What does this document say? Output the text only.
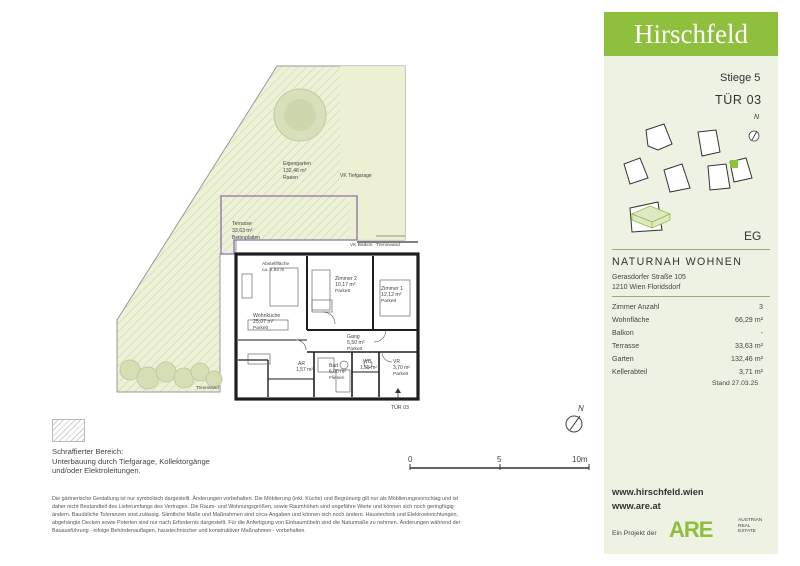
Eigengarten
132,46 m²
Rasen	VK Tiefgarage
Terrasse
33,63 m²
Betonplatten
VK Balkon Trennwand
Abstellfläche
ca. 2,82 m
Wohnküche
25,07 m²
Parkett
Zimmer 2
10,17 m²
Parkett	Zimmer 1
12,12 m²
Parkett
Gang
5,50 m²
Parkett
WC
1,55 m²
Bad
6,00 m²
Fliesen
AR
1,57 m²
VR
3,70 m²
Parkett
Trennwand
TÜR 03	N
0	5	10m
Schraffierter Bereich:
Unterbauung durch Tiefgarage, Kollektorgänge
und/oder Elektroleitungen.
Die gärtnerische Gestaltung ist nur symbolisch dargestellt. Änderungen vorbehalten. Die Möblierung (inkl. Küche) und Begrünung gilt nur als Möblierungsvorschlag und ist
daher nicht Bestandteil des Lieferumfangs des Vertrages. Die Raum- und Wohnungsgrößen, sowie Raumhöhen sind ungefähre Werte und können sich noch geringfügig
ändern. Bauübliche Toleranzen sind zulässig. Sämtliche Maße und Maßnahmen sind circa-Angaben und können sich noch ändern. Haustechnik und Elektroeinrichtungen,
abgehängte Decken sowie Poterien sind nur nach Erfordernis dargestellt. Für die Anfertigung von Einbaumöbeln sind die Naturmaße zu nehmen. Änderungen während der
Bauausführung - infolge Behördenauflagen, haustechnischer und konstruktiver Maßnahmen - vorbehalten.
Hirschfeld
Stiege 5
TÜR 03
N
EG
NATURNAH WOHNEN
Gerasdorfer Straße 105
1210 Wien Floridsdorf
Zimmer Anzahl	3
Wohnfläche	66,29 m²
Balkon	-
Terrasse	33,63 m²
Garten	132,46 m²
Kellerabteil	3,71 m²
Stand 27.03.25
www.hirschfeld.wien
www.are.at
Ein Projekt der ARE	AUSTRIAN
REAL
ESTATE
